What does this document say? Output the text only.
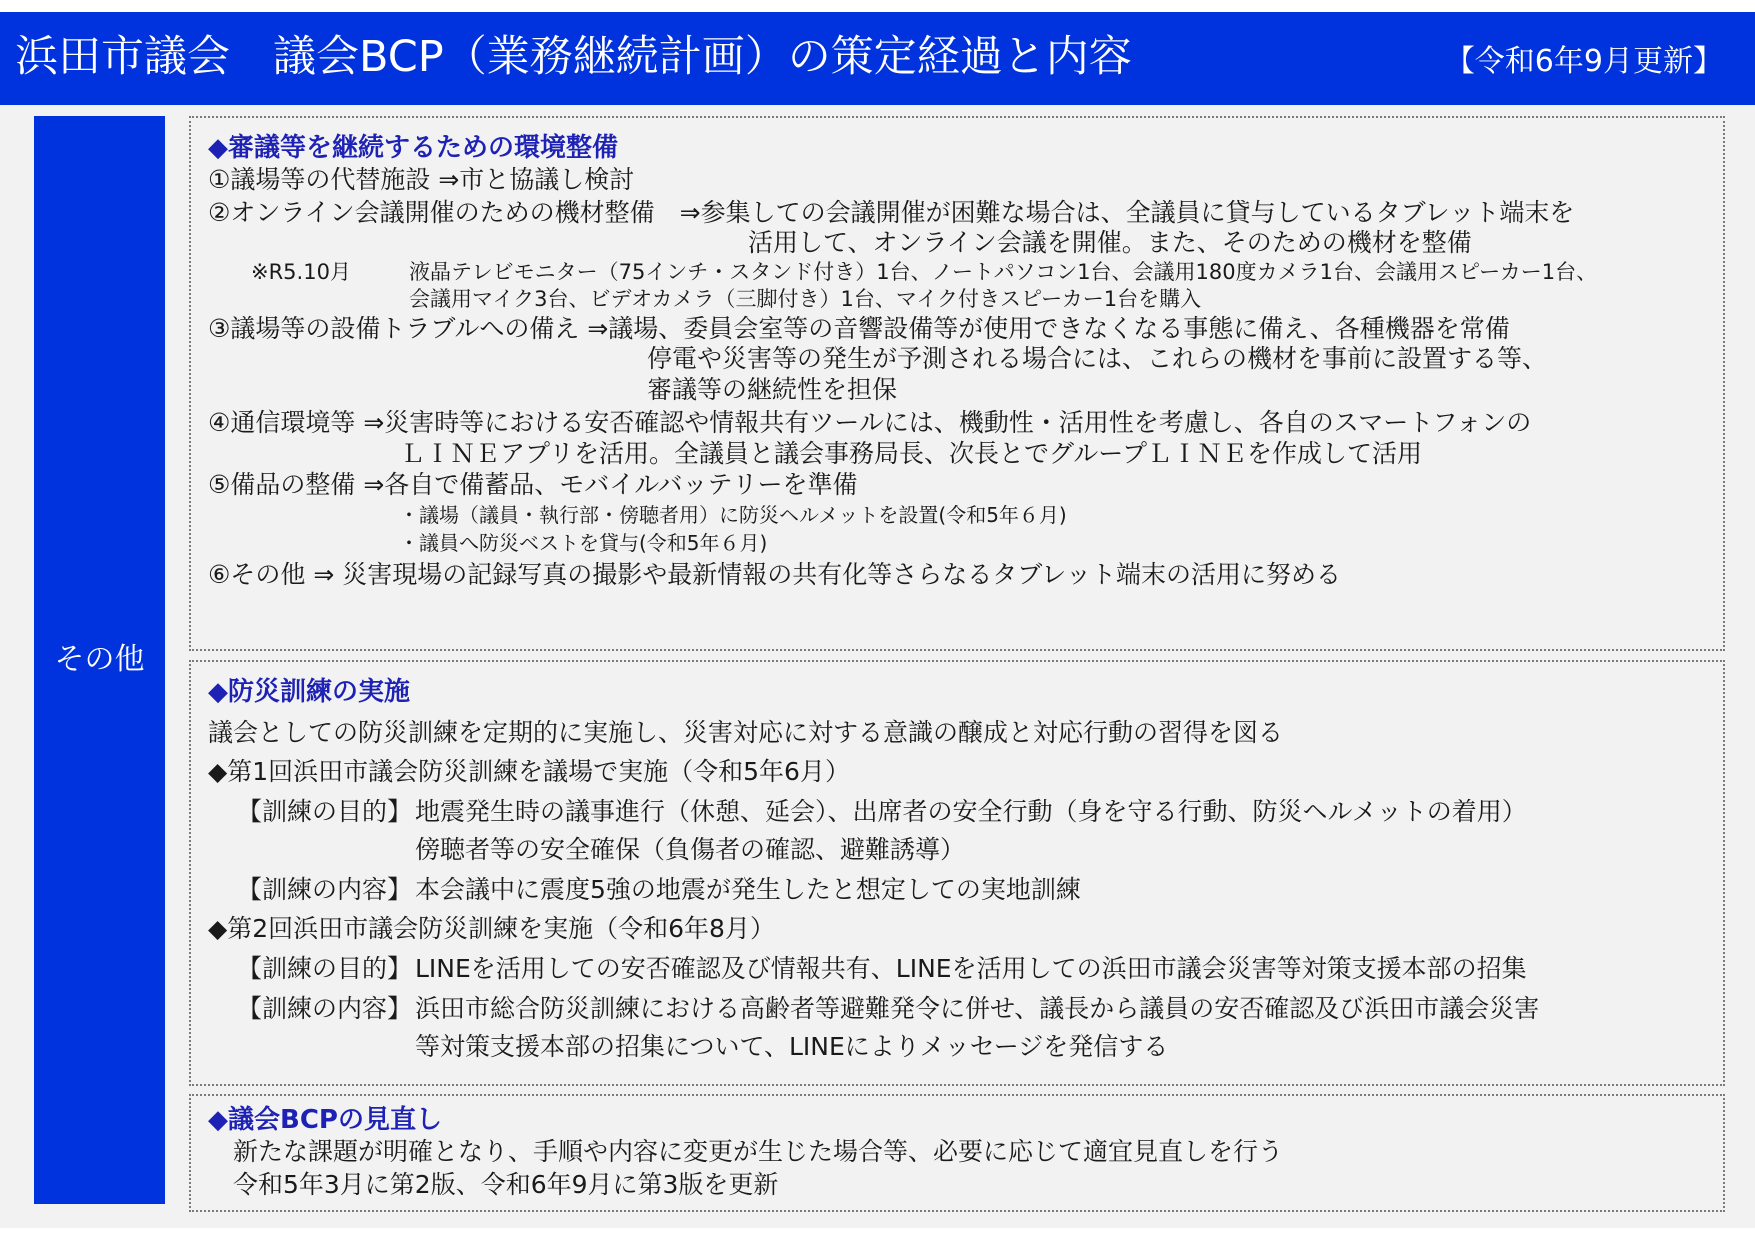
浜田市議会　議会BCP（業務継続計画）の策定経過と内容	【令和6年9月更新】
その他
◆審議等を継続するための環境整備
①議場等の代替施設 ⇒市と協議し検討
②オンライン会議開催のための機材整備　⇒参集しての会議開催が困難な場合は、全議員に貸与しているタブレット端末を
活用して、オンライン会議を開催。また、そのための機材を整備
※R5.10月	液晶テレビモニター（75インチ・スタンド付き）1台、ノートパソコン1台、会議用180度カメラ1台、会議用スピーカー1台、
会議用マイク3台、ビデオカメラ（三脚付き）1台、マイク付きスピーカー1台を購入
③議場等の設備トラブルへの備え ⇒議場、委員会室等の音響設備等が使用できなくなる事態に備え、各種機器を常備
停電や災害等の発生が予測される場合には、これらの機材を事前に設置する等、
審議等の継続性を担保
④通信環境等 ⇒災害時等における安否確認や情報共有ツールには、機動性・活用性を考慮し、各自のスマートフォンの
ＬＩＮＥアプリを活用。全議員と議会事務局長、次長とでグループＬＩＮＥを作成して活用
⑤備品の整備 ⇒各自で備蓄品、モバイルバッテリーを準備
・議場（議員・執行部・傍聴者用）に防災ヘルメットを設置(令和5年６月)
・議員へ防災ベストを貸与(令和5年６月)
⑥その他 ⇒ 災害現場の記録写真の撮影や最新情報の共有化等さらなるタブレット端末の活用に努める
◆防災訓練の実施
議会としての防災訓練を定期的に実施し、災害対応に対する意識の醸成と対応行動の習得を図る
◆第1回浜田市議会防災訓練を議場で実施（令和5年6月）
【訓練の目的】 地震発生時の議事進行（休憩、延会）、出席者の安全行動（身を守る行動、防災ヘルメットの着用）
傍聴者等の安全確保（負傷者の確認、避難誘導）
【訓練の内容】 本会議中に震度5強の地震が発生したと想定しての実地訓練
◆第2回浜田市議会防災訓練を実施（令和6年8月）
【訓練の目的】 LINEを活用しての安否確認及び情報共有、LINEを活用しての浜田市議会災害等対策支援本部の招集
【訓練の内容】 浜田市総合防災訓練における高齢者等避難発令に併せ、議長から議員の安否確認及び浜田市議会災害
等対策支援本部の招集について、LINEによりメッセージを発信する
◆議会BCPの見直し
新たな課題が明確となり、手順や内容に変更が生じた場合等、必要に応じて適宜見直しを行う
令和5年3月に第2版、令和6年9月に第3版を更新
